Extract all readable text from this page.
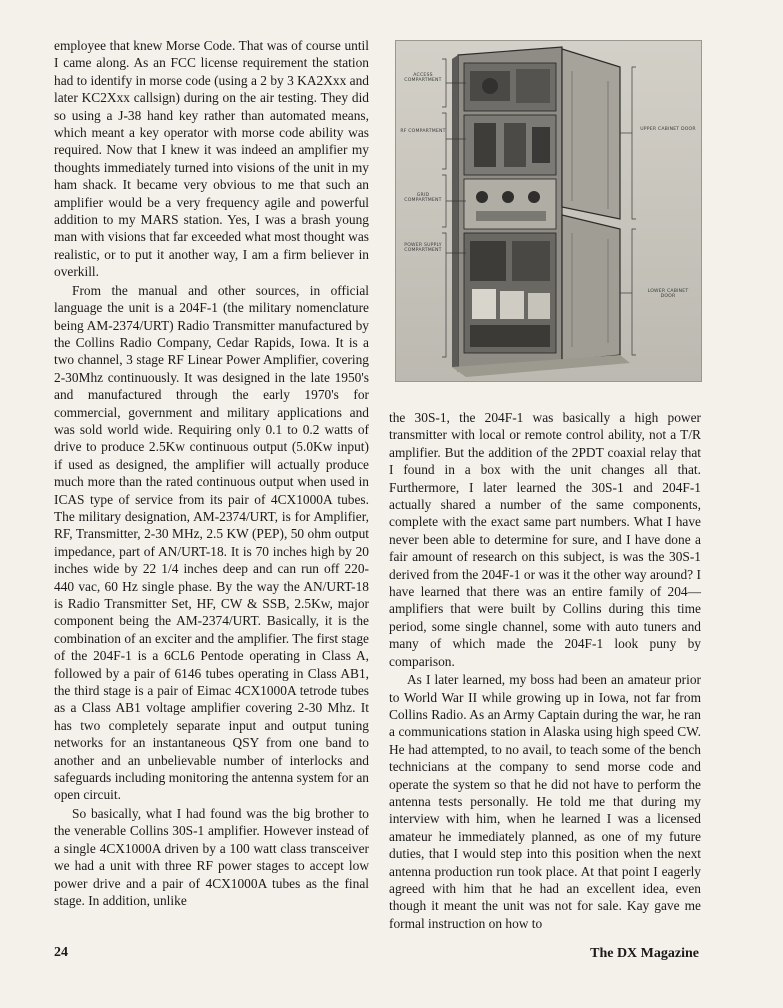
employee that knew Morse Code. That was of course until I came along. As an FCC license requirement the station had to identify in morse code (using a 2 by 3 KA2Xxx and later KC2Xxx callsign) during on the air testing. They did so using a J-38 hand key rather than automated means, which meant a key operator with morse code ability was required. Now that I knew it was indeed an amplifier my thoughts immediately turned into visions of the unit in my ham shack. It became very obvious to me that such an amplifier would be a very frequency agile and powerful addition to my MARS station. Yes, I was a brash young man with visions that far exceeded what most thought was realistic, or to put it another way, I am a firm believer in overkill.

From the manual and other sources, in official language the unit is a 204F-1 (the military nomenclature being AM-2374/URT) Radio Transmitter manufactured by the Collins Radio Company, Cedar Rapids, Iowa. It is a two channel, 3 stage RF Linear Power Amplifier, covering 2-30Mhz continuously. It was designed in the late 1950's and manufactured through the early 1970's for commercial, government and military applications and was sold world wide. Requiring only 0.1 to 0.2 watts of drive to produce 2.5Kw continuous output (5.0Kw input) if used as designed, the amplifier will actually produce much more than the rated continuous output when used in ICAS type of service from its pair of 4CX1000A tubes. The military designation, AM-2374/URT, is for Amplifier, RF, Transmitter, 2-30 MHz, 2.5 KW (PEP), 50 ohm output impedance, part of AN/URT-18. It is 70 inches high by 20 inches wide by 22 1/4 inches deep and can run off 220-440 vac, 60 Hz single phase. By the way the AN/URT-18 is Radio Transmitter Set, HF, CW & SSB, 2.5Kw, major component being the AM-2374/URT. Basically, it is the combination of an exciter and the amplifier. The first stage of the 204F-1 is a 6CL6 Pentode operating in Class A, followed by a pair of 6146 tubes operating in Class AB1, the third stage is a pair of Eimac 4CX1000A tetrode tubes as a Class AB1 voltage amplifier covering 2-30 Mhz. It has two completely separate input and output tuning networks for an instantaneous QSY from one band to another and an unbelievable number of interlocks and safeguards including monitoring the antenna system for an open circuit.

So basically, what I had found was the big brother to the venerable Collins 30S-1 amplifier. However instead of a single 4CX1000A driven by a 100 watt class transceiver we had a unit with three RF power stages to accept low power drive and a pair of 4CX1000A tubes as the final stage. In addition, unlike

ACCESS COMPARTMENT
RF COMPARTMENT
GRID COMPARTMENT
POWER SUPPLY COMPARTMENT
UPPER CABINET DOOR
LOWER CABINET DOOR

the 30S-1, the 204F-1 was basically a high power transmitter with local or remote control ability, not a T/R amplifier. But the addition of the 2PDT coaxial relay that I found in a box with the unit changes all that. Furthermore, I later learned the 30S-1 and 204F-1 actually shared a number of the same components, complete with the exact same part numbers. What I have never been able to determine for sure, and I have done a fair amount of research on this subject, is was the 30S-1 derived from the 204F-1 or was it the other way around? I have learned that there was an entire family of 204— amplifiers that were built by Collins during this time period, some single channel, some with auto tuners and many of which made the 204F-1 look puny by comparison.

As I later learned, my boss had been an amateur prior to World War II while growing up in Iowa, not far from Collins Radio. As an Army Captain during the war, he ran a communications station in Alaska using high speed CW. He had attempted, to no avail, to teach some of the bench technicians at the company to send morse code and operate the system so that he did not have to perform the antenna tests personally. He told me that during my interview with him, when he learned I was a licensed amateur he immediately planned, as one of my future duties, that I would step into this position when the next antenna production run took place. At that point I eagerly agreed with him that he had an excellent idea, even though it meant the unit was not for sale. Kay gave me formal instruction on how to

24	The DX Magazine
